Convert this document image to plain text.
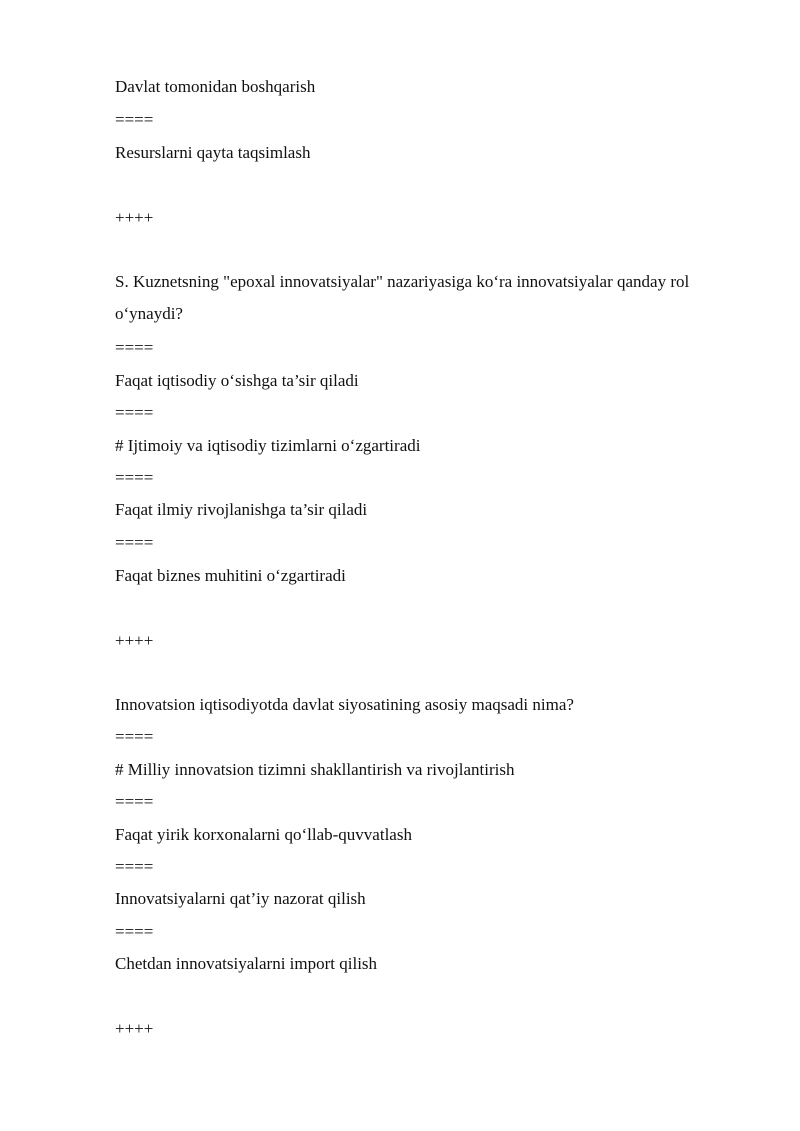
Davlat tomonidan boshqarish
====
Resurslarni qayta taqsimlash
++++
S. Kuznetsning "epoxal innovatsiyalar" nazariyasiga ko‘ra innovatsiyalar qanday rol o‘ynaydi?
====
Faqat iqtisodiy o‘sishga ta’sir qiladi
====
# Ijtimoiy va iqtisodiy tizimlarni o‘zgartiradi
====
Faqat ilmiy rivojlanishga ta’sir qiladi
====
Faqat biznes muhitini o‘zgartiradi
++++
Innovatsion iqtisodiyotda davlat siyosatining asosiy maqsadi nima?
====
# Milliy innovatsion tizimni shakllantirish va rivojlantirish
====
Faqat yirik korxonalarni qo‘llab-quvvatlash
====
Innovatsiyalarni qat’iy nazorat qilish
====
Chetdan innovatsiyalarni import qilish
++++
